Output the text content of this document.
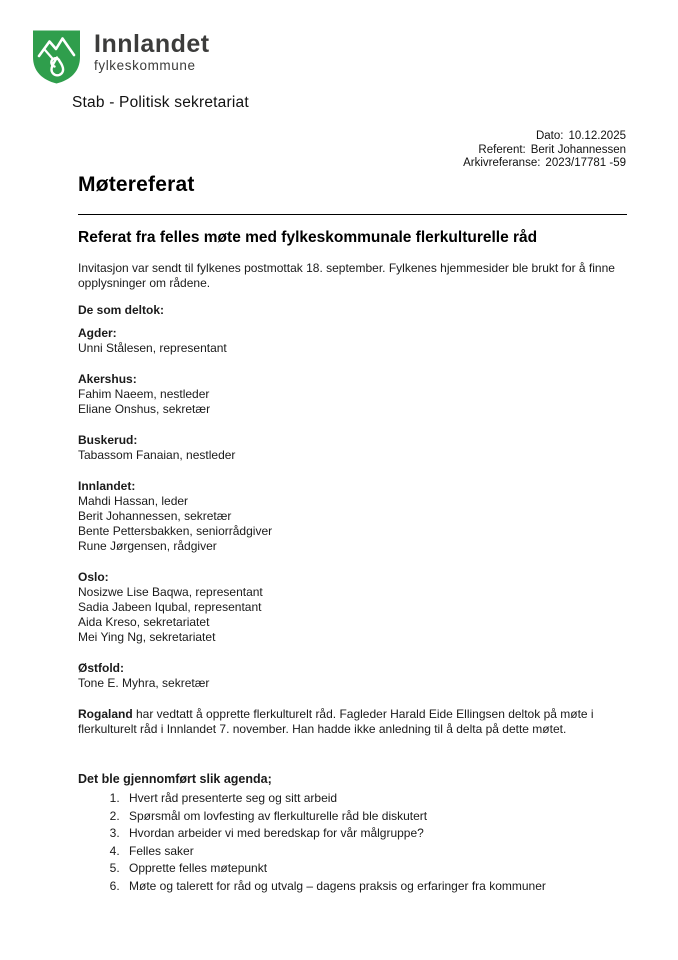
Innlandet
fylkeskommune
Stab - Politisk sekretariat
Dato: 10.12.2025
Referent: Berit Johannessen
Arkivreferanse: 2023/17781 -59
Møtereferat
Referat fra felles møte med fylkeskommunale flerkulturelle råd

Invitasjon var sendt til fylkenes postmottak 18. september. Fylkenes hjemmesider ble brukt for å finne opplysninger om rådene.

De som deltok:
Agder:
Unni Stålesen, representant
Akershus:
Fahim Naeem, nestleder
Eliane Onshus, sekretær
Buskerud:
Tabassom Fanaian, nestleder
Innlandet:
Mahdi Hassan, leder
Berit Johannessen, sekretær
Bente Pettersbakken, seniorrådgiver
Rune Jørgensen, rådgiver
Oslo:
Nosizwe Lise Baqwa, representant
Sadia Jabeen Iqubal, representant
Aida Kreso, sekretariatet
Mei Ying Ng, sekretariatet
Østfold:
Tone E. Myhra, sekretær

Rogaland har vedtatt å opprette flerkulturelt råd. Fagleder Harald Eide Ellingsen deltok på møte i flerkulturelt råd i Innlandet 7. november. Han hadde ikke anledning til å delta på dette møtet.

Det ble gjennomført slik agenda;
1. Hvert råd presenterte seg og sitt arbeid
2. Spørsmål om lovfesting av flerkulturelle råd ble diskutert
3. Hvordan arbeider vi med beredskap for vår målgruppe?
4. Felles saker
5. Opprette felles møtepunkt
6. Møte og talerett for råd og utvalg – dagens praksis og erfaringer fra kommuner
